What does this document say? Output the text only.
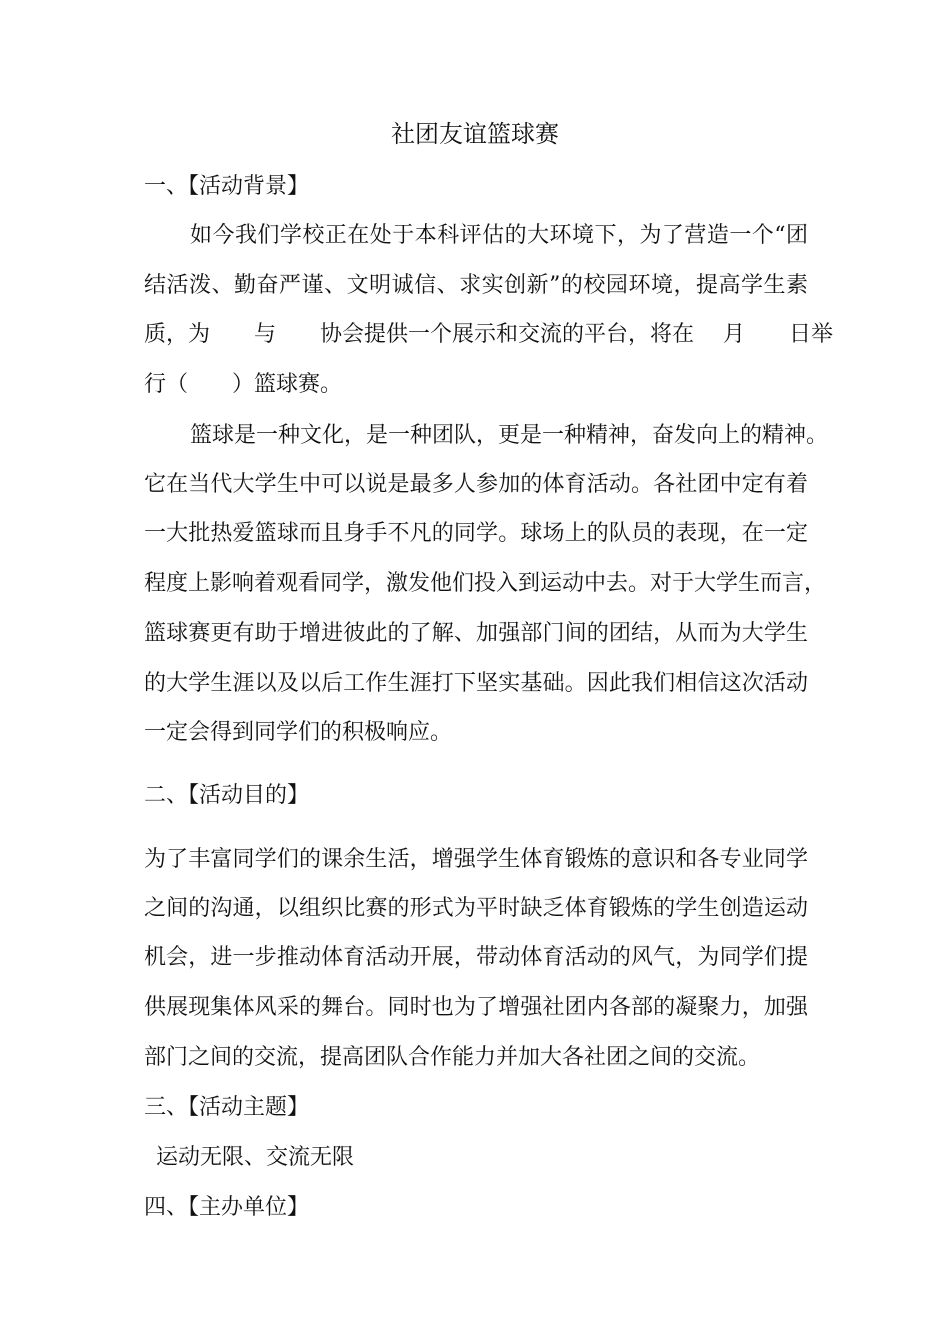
社团友谊篮球赛

一、【活动背景】

如今我们学校正在处于本科评估的大环境下，为了营造一个“团

结活泼、勤奋严谨、文明诚信、求实创新”的校园环境，提高学生素

质，为　　与　　协会提供一个展示和交流的平台，将在　 月　　日举

行（　　）篮球赛。

篮球是一种文化，是一种团队，更是一种精神，奋发向上的精神。

它在当代大学生中可以说是最多人参加的体育活动。各社团中定有着

一大批热爱篮球而且身手不凡的同学。球场上的队员的表现，在一定

程度上影响着观看同学，激发他们投入到运动中去。对于大学生而言，

篮球赛更有助于增进彼此的了解、加强部门间的团结，从而为大学生

的大学生涯以及以后工作生涯打下坚实基础。因此我们相信这次活动

一定会得到同学们的积极响应。

二、【活动目的】

为了丰富同学们的课余生活，增强学生体育锻炼的意识和各专业同学

之间的沟通，以组织比赛的形式为平时缺乏体育锻炼的学生创造运动

机会，进一步推动体育活动开展，带动体育活动的风气，为同学们提

供展现集体风采的舞台。同时也为了增强社团内各部的凝聚力，加强

部门之间的交流，提高团队合作能力并加大各社团之间的交流。

三、【活动主题】

运动无限、交流无限

四、【主办单位】
